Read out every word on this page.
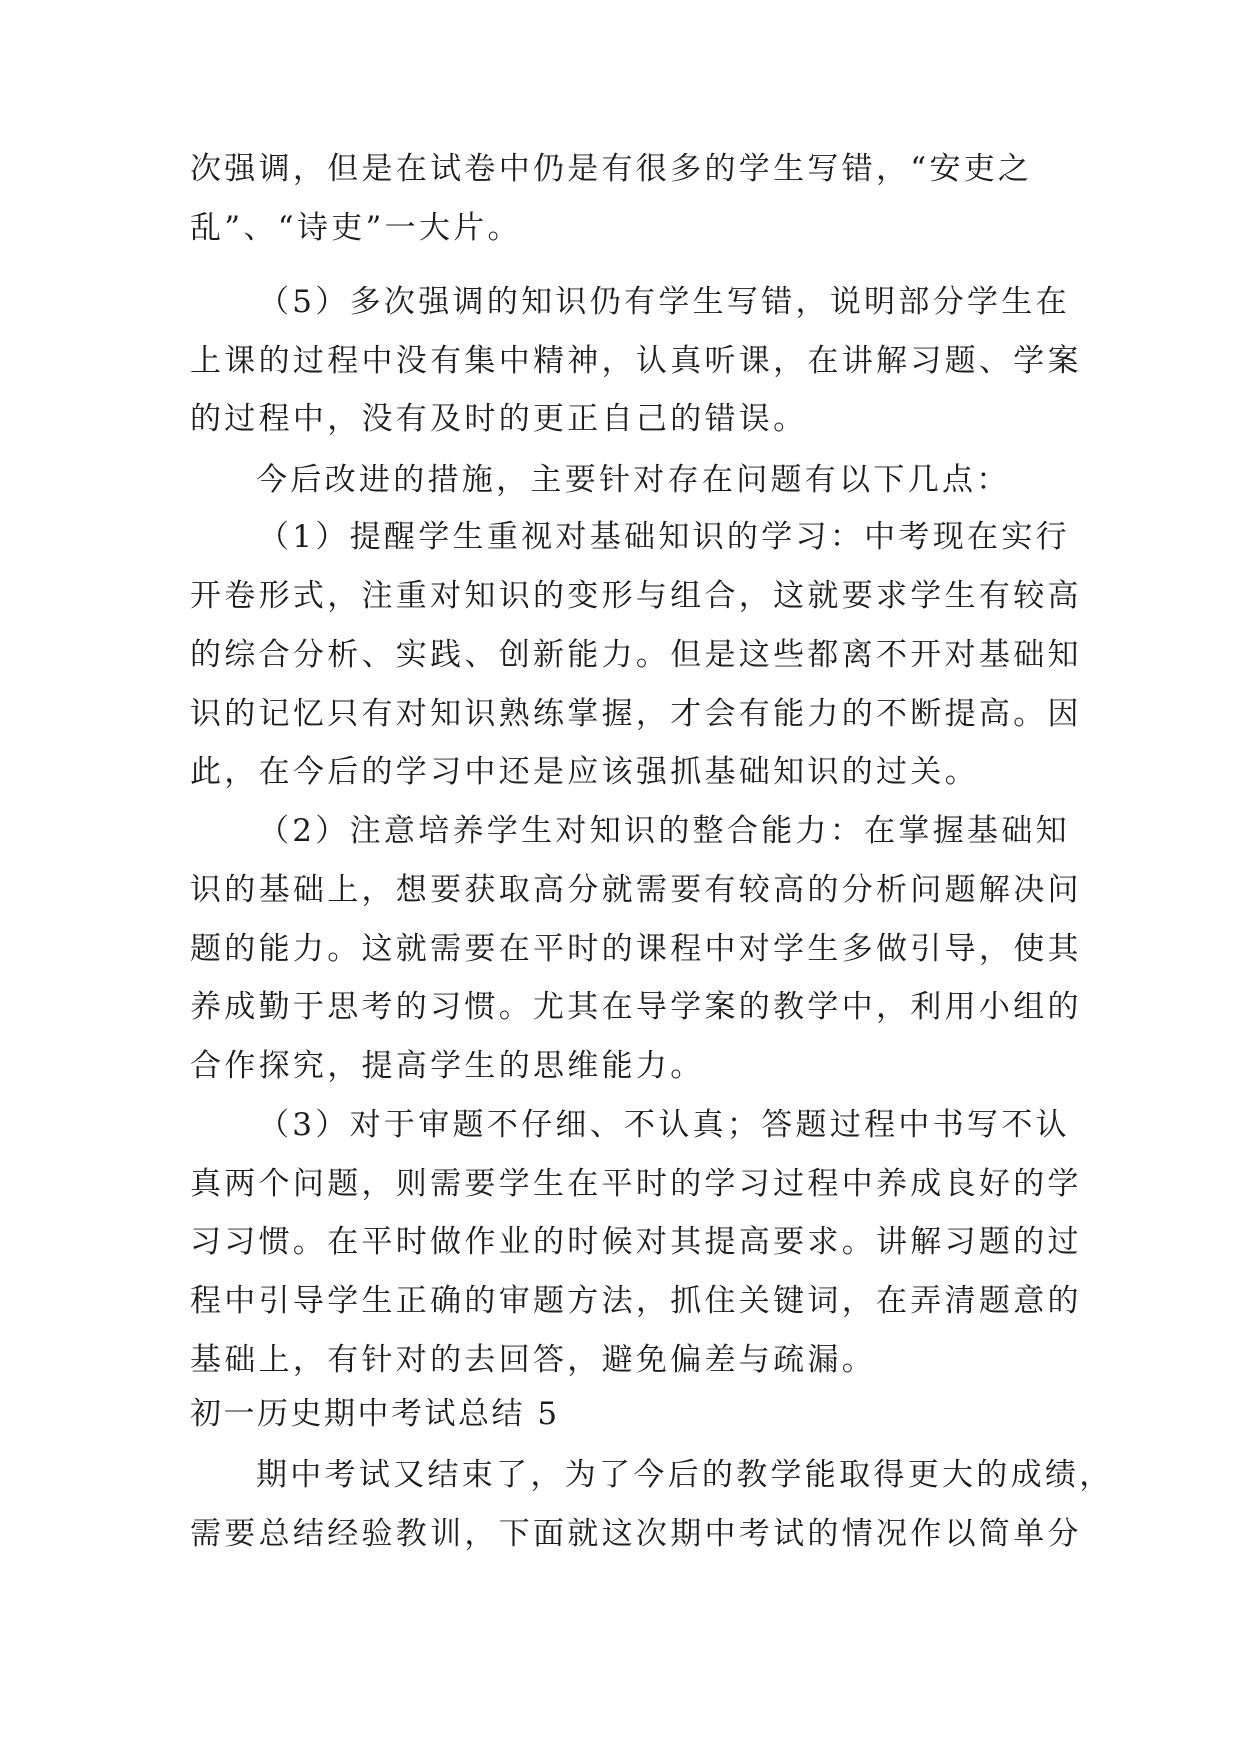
次强调，但是在试卷中仍是有很多的学生写错，“安吏之

乱”、“诗吏”一大片。

（5）多次强调的知识仍有学生写错，说明部分学生在

上课的过程中没有集中精神，认真听课，在讲解习题、学案

的过程中，没有及时的更正自己的错误。

今后改进的措施，主要针对存在问题有以下几点：

（1）提醒学生重视对基础知识的学习：中考现在实行

开卷形式，注重对知识的变形与组合，这就要求学生有较高

的综合分析、实践、创新能力。但是这些都离不开对基础知

识的记忆只有对知识熟练掌握，才会有能力的不断提高。因

此，在今后的学习中还是应该强抓基础知识的过关。

（2）注意培养学生对知识的整合能力：在掌握基础知

识的基础上，想要获取高分就需要有较高的分析问题解决问

题的能力。这就需要在平时的课程中对学生多做引导，使其

养成勤于思考的习惯。尤其在导学案的教学中，利用小组的

合作探究，提高学生的思维能力。

（3）对于审题不仔细、不认真；答题过程中书写不认

真两个问题，则需要学生在平时的学习过程中养成良好的学

习习惯。在平时做作业的时候对其提高要求。讲解习题的过

程中引导学生正确的审题方法，抓住关键词，在弄清题意的

基础上，有针对的去回答，避免偏差与疏漏。

初一历史期中考试总结 5

期中考试又结束了，为了今后的教学能取得更大的成绩，

需要总结经验教训，下面就这次期中考试的情况作以简单分
